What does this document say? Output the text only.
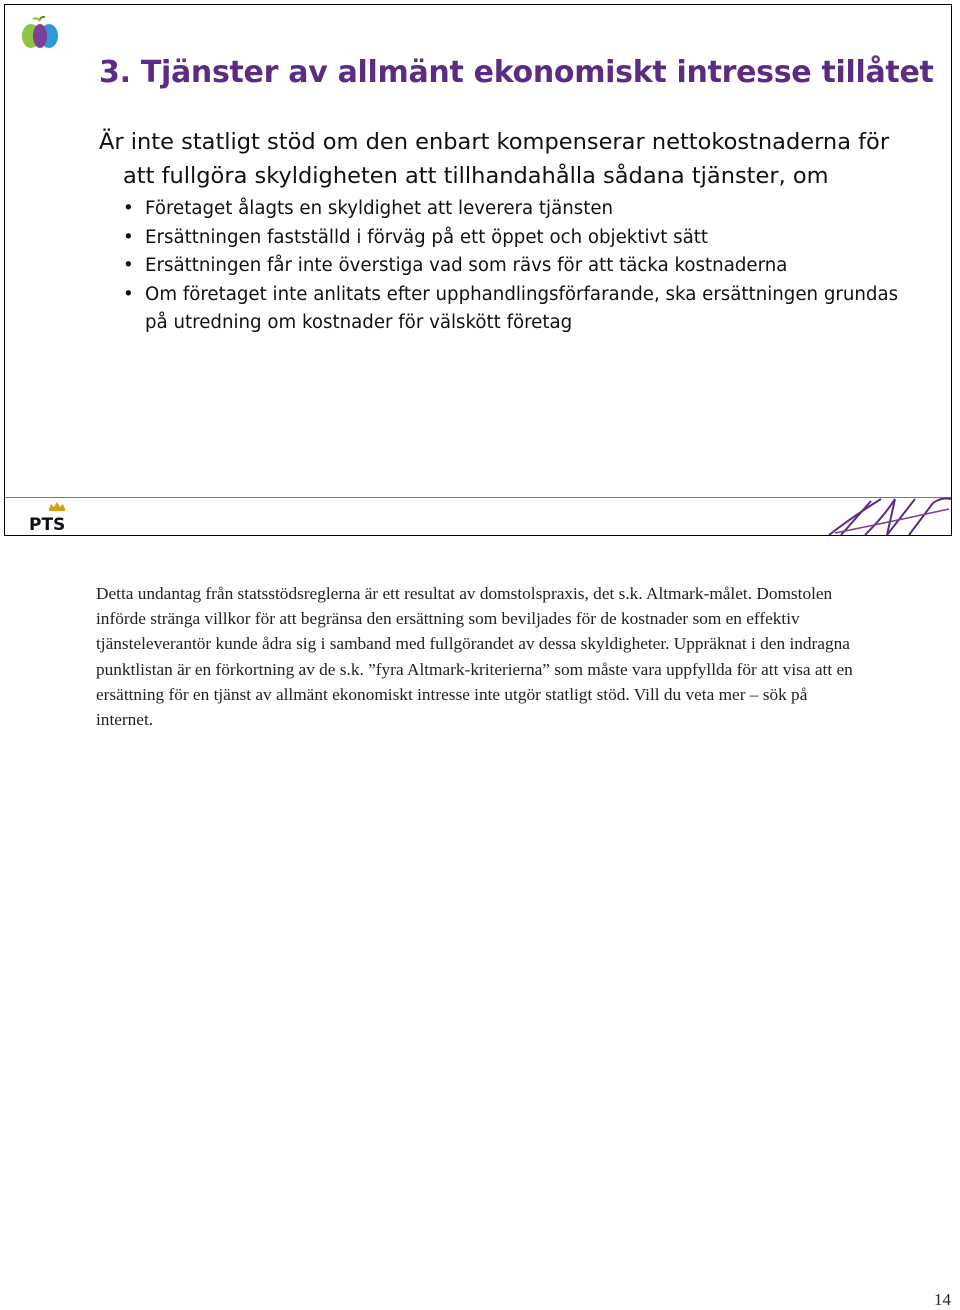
3. Tjänster av allmänt ekonomiskt intresse tillåtet
Är inte statligt stöd om den enbart kompenserar nettokostnaderna för
att fullgöra skyldigheten att tillhandahålla sådana tjänster, om
• Företaget ålagts en skyldighet att leverera tjänsten
• Ersättningen fastställd i förväg på ett öppet och objektivt sätt
• Ersättningen får inte överstiga vad som rävs för att täcka kostnaderna
• Om företaget inte anlitats efter upphandlingsförfarande, ska ersättningen grundas på utredning om kostnader för välskött företag
PTS

Detta undantag från statsstödsreglerna är ett resultat av domstolspraxis, det s.k. Altmark-målet. Domstolen införde stränga villkor för att begränsa den ersättning som beviljades för de kostnader som en effektiv tjänsteleverantör kunde ådra sig i samband med fullgörandet av dessa skyldigheter. Uppräknat i den indragna punktlistan är en förkortning av de s.k. ”fyra Altmark-kriterierna” som måste vara uppfyllda för att visa att en ersättning för en tjänst av allmänt ekonomiskt intresse inte utgör statligt stöd. Vill du veta mer – sök på internet.

14
